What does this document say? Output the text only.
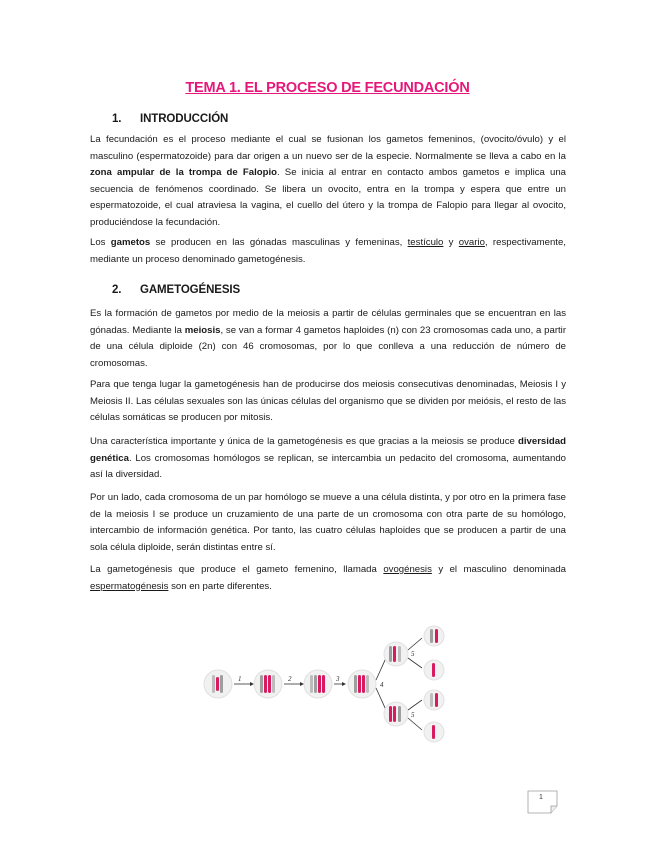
TEMA 1. EL PROCESO DE FECUNDACIÓN
1. INTRODUCCIÓN
La fecundación es el proceso mediante el cual se fusionan los gametos femeninos, (ovocito/óvulo) y el masculino (espermatozoide) para dar origen a un nuevo ser de la especie. Normalmente se lleva a cabo en la zona ampular de la trompa de Falopio. Se inicia al entrar en contacto ambos gametos e implica una secuencia de fenómenos coordinado. Se libera un ovocito, entra en la trompa y espera que entre un espermatozoide, el cual atraviesa la vagina, el cuello del útero y la trompa de Falopio para llegar al ovocito, produciéndose la fecundación.
Los gametos se producen en las gónadas masculinas y femeninas, testículo y ovario, respectivamente, mediante un proceso denominado gametogénesis.
2. GAMETOGÉNESIS
Es la formación de gametos por medio de la meiosis a partir de células germinales que se encuentran en las gónadas. Mediante la meiosis, se van a formar 4 gametos haploides (n) con 23 cromosomas cada uno, a partir de una célula diploide (2n) con 46 cromosomas, por lo que conlleva a una reducción de número de cromosomas.
Para que tenga lugar la gametogénesis han de producirse dos meiosis consecutivas denominadas, Meiosis I y Meiosis II. Las células sexuales son las únicas células del organismo que se dividen por meiósis, el resto de las células somáticas se producen por mitosis.
Una característica importante y única de la gametogénesis es que gracias a la meiosis se produce diversidad genética. Los cromosomas homólogos se replican, se intercambia un pedacito del cromosoma, aumentando así la diversidad.
Por un lado, cada cromosoma de un par homólogo se mueve a una célula distinta, y por otro en la primera fase de la meiosis I se produce un cruzamiento de una parte de un cromosoma con otra parte de su homólogo, intercambio de información genética. Por tanto, las cuatro células haploides que se producen a partir de una sola célula diploide, serán distintas entre sí.
La gametogénesis que produce el gameto femenino, llamada ovogénesis y el masculino denominada espermatogénesis son en parte diferentes.
1	2	3
4
5
5
1
